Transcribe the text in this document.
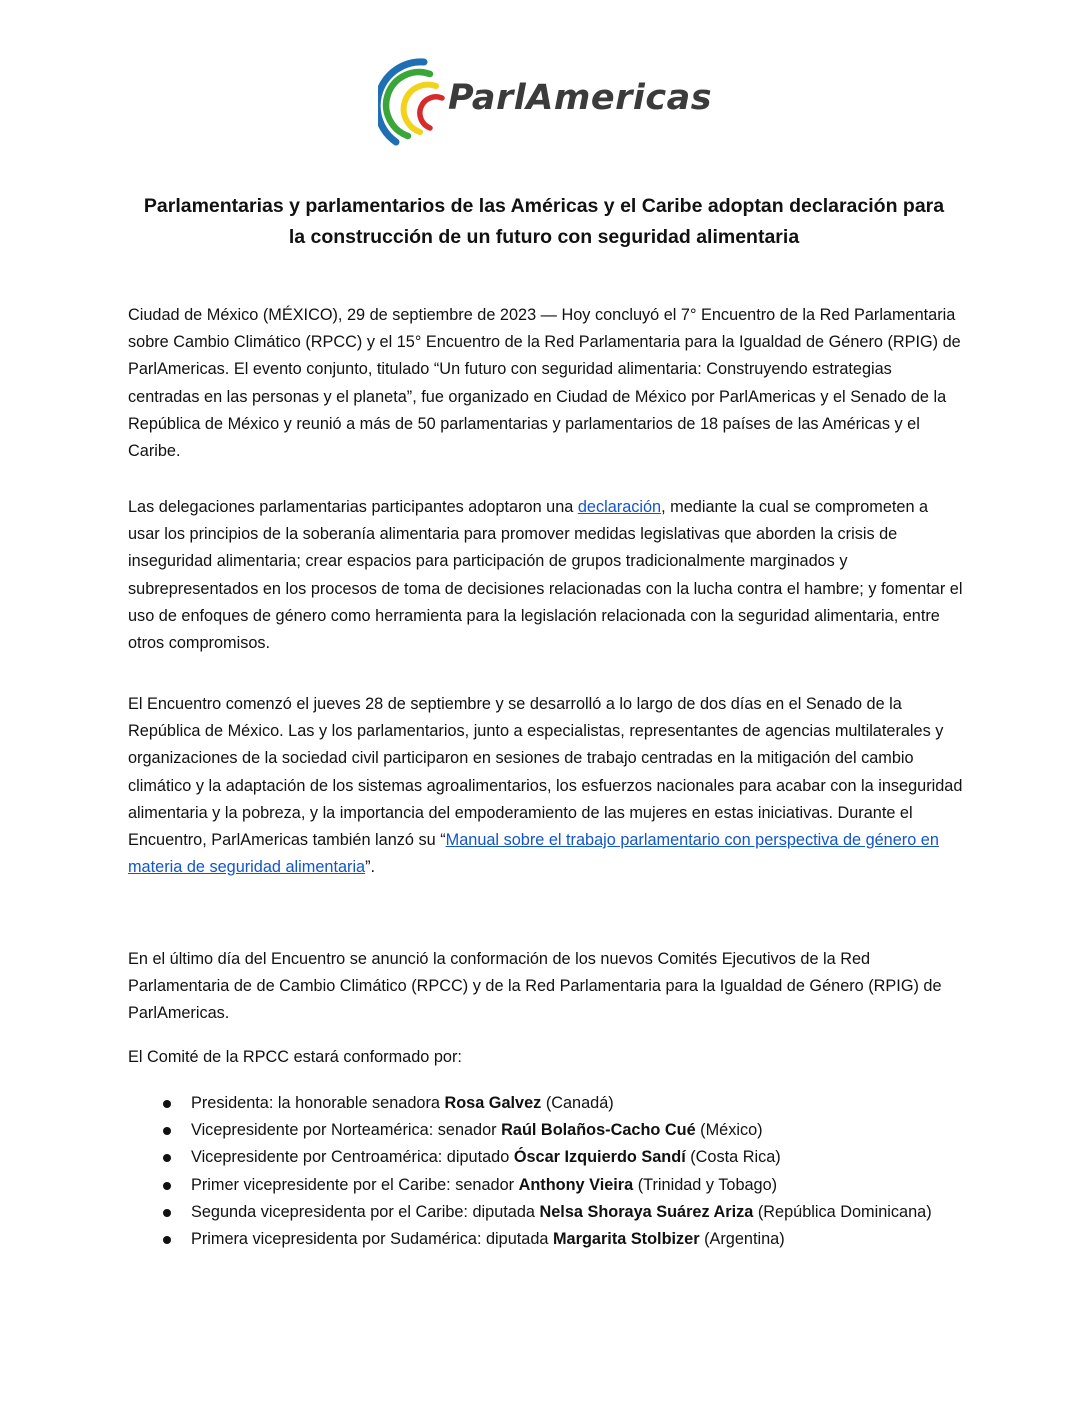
ParlAmericas
Parlamentarias y parlamentarios de las Américas y el Caribe adoptan declaración para
la construcción de un futuro con seguridad alimentaria

Ciudad de México (MÉXICO), 29 de septiembre de 2023 — Hoy concluyó el 7° Encuentro de la Red Parlamentaria sobre Cambio Climático (RPCC) y el 15° Encuentro de la Red Parlamentaria para la Igualdad de Género (RPIG) de ParlAmericas. El evento conjunto, titulado “Un futuro con seguridad alimentaria: Construyendo estrategias centradas en las personas y el planeta”, fue organizado en Ciudad de México por ParlAmericas y el Senado de la República de México y reunió a más de 50 parlamentarias y parlamentarios de 18 países de las Américas y el Caribe.

Las delegaciones parlamentarias participantes adoptaron una declaración, mediante la cual se comprometen a usar los principios de la soberanía alimentaria para promover medidas legislativas que aborden la crisis de inseguridad alimentaria; crear espacios para participación de grupos tradicionalmente marginados y subrepresentados en los procesos de toma de decisiones relacionadas con la lucha contra el hambre; y fomentar el uso de enfoques de género como herramienta para la legislación relacionada con la seguridad alimentaria, entre otros compromisos.

El Encuentro comenzó el jueves 28 de septiembre y se desarrolló a lo largo de dos días en el Senado de la República de México. Las y los parlamentarios, junto a especialistas, representantes de agencias multilaterales y organizaciones de la sociedad civil participaron en sesiones de trabajo centradas en la mitigación del cambio climático y la adaptación de los sistemas agroalimentarios, los esfuerzos nacionales para acabar con la inseguridad alimentaria y la pobreza, y la importancia del empoderamiento de las mujeres en estas iniciativas. Durante el Encuentro, ParlAmericas también lanzó su “Manual sobre el trabajo parlamentario con perspectiva de género en materia de seguridad alimentaria”.

En el último día del Encuentro se anunció la conformación de los nuevos Comités Ejecutivos de la Red Parlamentaria de de Cambio Climático (RPCC) y de la Red Parlamentaria para la Igualdad de Género (RPIG) de ParlAmericas.

El Comité de la RPCC estará conformado por:

Presidenta: la honorable senadora Rosa Galvez (Canadá)
Vicepresidente por Norteamérica: senador Raúl Bolaños-Cacho Cué (México)
Vicepresidente por Centroamérica: diputado Óscar Izquierdo Sandí (Costa Rica)
Primer vicepresidente por el Caribe: senador Anthony Vieira (Trinidad y Tobago)
Segunda vicepresidenta por el Caribe: diputada Nelsa Shoraya Suárez Ariza (República Dominicana)
Primera vicepresidenta por Sudamérica: diputada Margarita Stolbizer (Argentina)
